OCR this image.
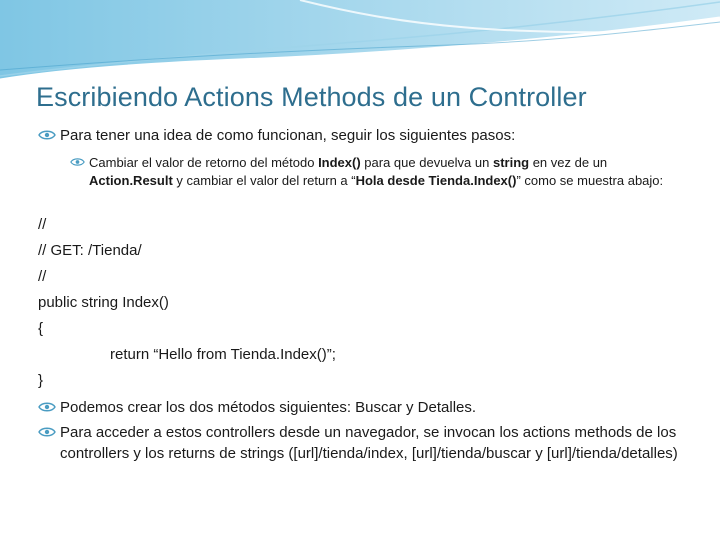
Escribiendo Actions Methods de un Controller
Para tener una idea de como funcionan, seguir los siguientes pasos:
Cambiar el valor de retorno del método Index() para que devuelva un string en vez de un Action.Result y cambiar el valor del return a “Hola desde Tienda.Index()” como se muestra abajo:
//
// GET: /Tienda/
//
public string Index()
{
return “Hello from Tienda.Index()”;
}
Podemos crear los dos métodos siguientes: Buscar y Detalles.
Para acceder a estos controllers desde un navegador, se invocan los actions methods de los controllers y los returns de strings ([url]/tienda/index, [url]/tienda/buscar y [url]/tienda/detalles)
